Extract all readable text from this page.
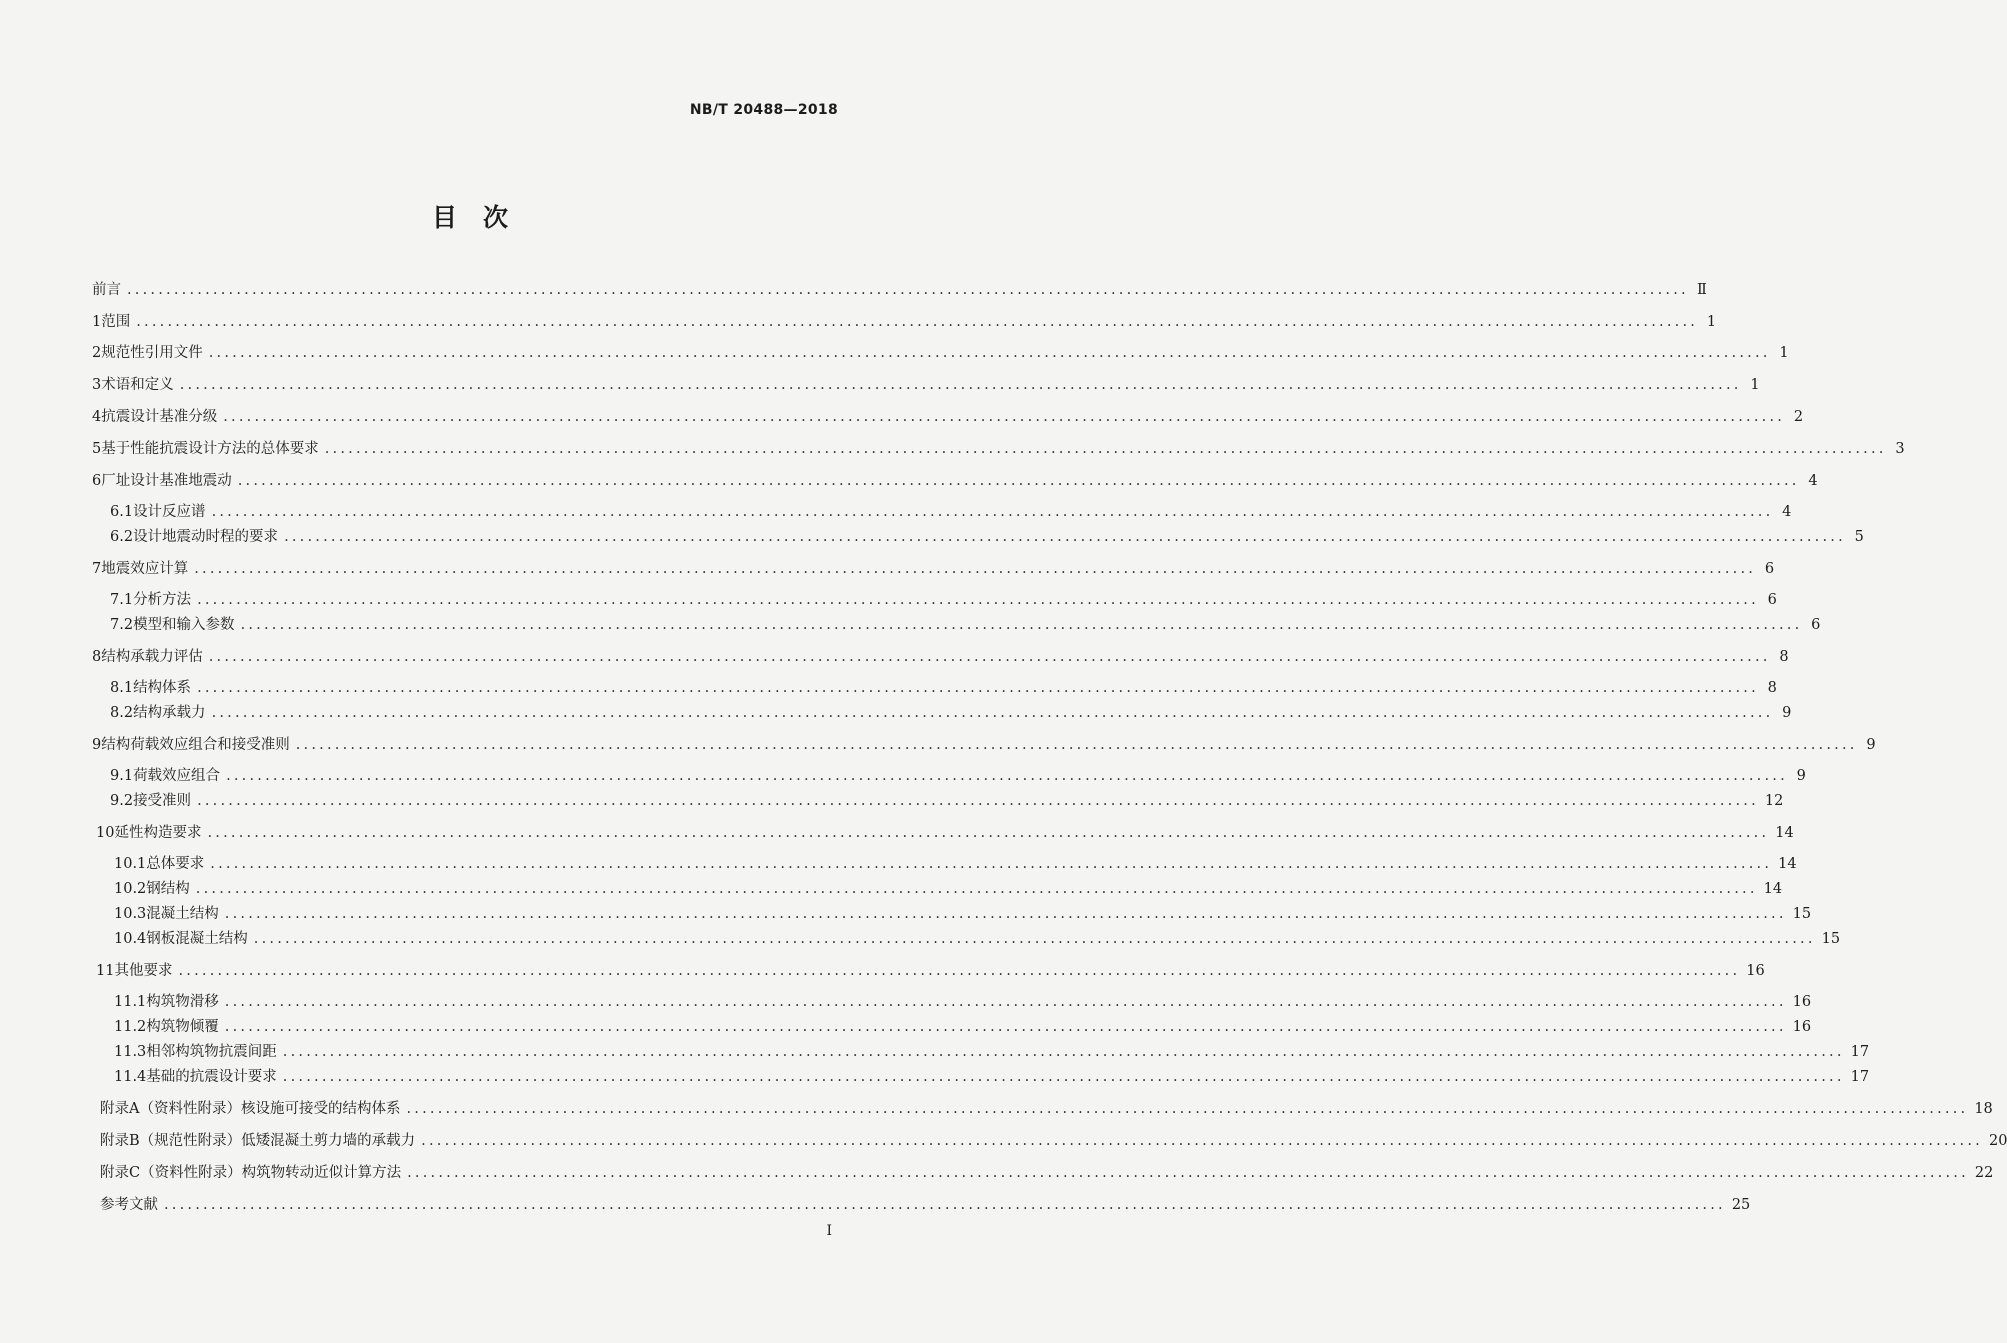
NB/T 20488—2018
目次
前言 ........................................................................................................................................................................................................ Ⅱ
1 范围 ........................................................................................................................................................................................................ 1
2 规范性引用文件 ........................................................................................................................................................................................................ 1
3 术语和定义 ........................................................................................................................................................................................................ 1
4 抗震设计基准分级 ........................................................................................................................................................................................................ 2
5 基于性能抗震设计方法的总体要求 ........................................................................................................................................................................................................ 3
6 厂址设计基准地震动 ........................................................................................................................................................................................................ 4
6.1 设计反应谱 ........................................................................................................................................................................................................ 4
6.2 设计地震动时程的要求 ........................................................................................................................................................................................................ 5
7 地震效应计算 ........................................................................................................................................................................................................ 6
7.1 分析方法 ........................................................................................................................................................................................................ 6
7.2 模型和输入参数 ........................................................................................................................................................................................................ 6
8 结构承载力评估 ........................................................................................................................................................................................................ 8
8.1 结构体系 ........................................................................................................................................................................................................ 8
8.2 结构承载力 ........................................................................................................................................................................................................ 9
9 结构荷载效应组合和接受准则 ........................................................................................................................................................................................................ 9
9.1 荷载效应组合 ........................................................................................................................................................................................................ 9
9.2 接受准则 ........................................................................................................................................................................................................ 12
10 延性构造要求 ........................................................................................................................................................................................................ 14
10.1 总体要求 ........................................................................................................................................................................................................ 14
10.2 钢结构 ........................................................................................................................................................................................................ 14
10.3 混凝土结构 ........................................................................................................................................................................................................ 15
10.4 钢板混凝土结构 ........................................................................................................................................................................................................ 15
11 其他要求 ........................................................................................................................................................................................................ 16
11.1 构筑物滑移 ........................................................................................................................................................................................................ 16
11.2 构筑物倾覆 ........................................................................................................................................................................................................ 16
11.3 相邻构筑物抗震间距 ........................................................................................................................................................................................................ 17
11.4 基础的抗震设计要求 ........................................................................................................................................................................................................ 17
附录A（资料性附录） 核设施可接受的结构体系 ........................................................................................................................................................................................................ 18
附录B（规范性附录） 低矮混凝土剪力墙的承载力 ........................................................................................................................................................................................................ 20
附录C（资料性附录） 构筑物转动近似计算方法 ........................................................................................................................................................................................................ 22
参考文献 ........................................................................................................................................................................................................ 25
I
